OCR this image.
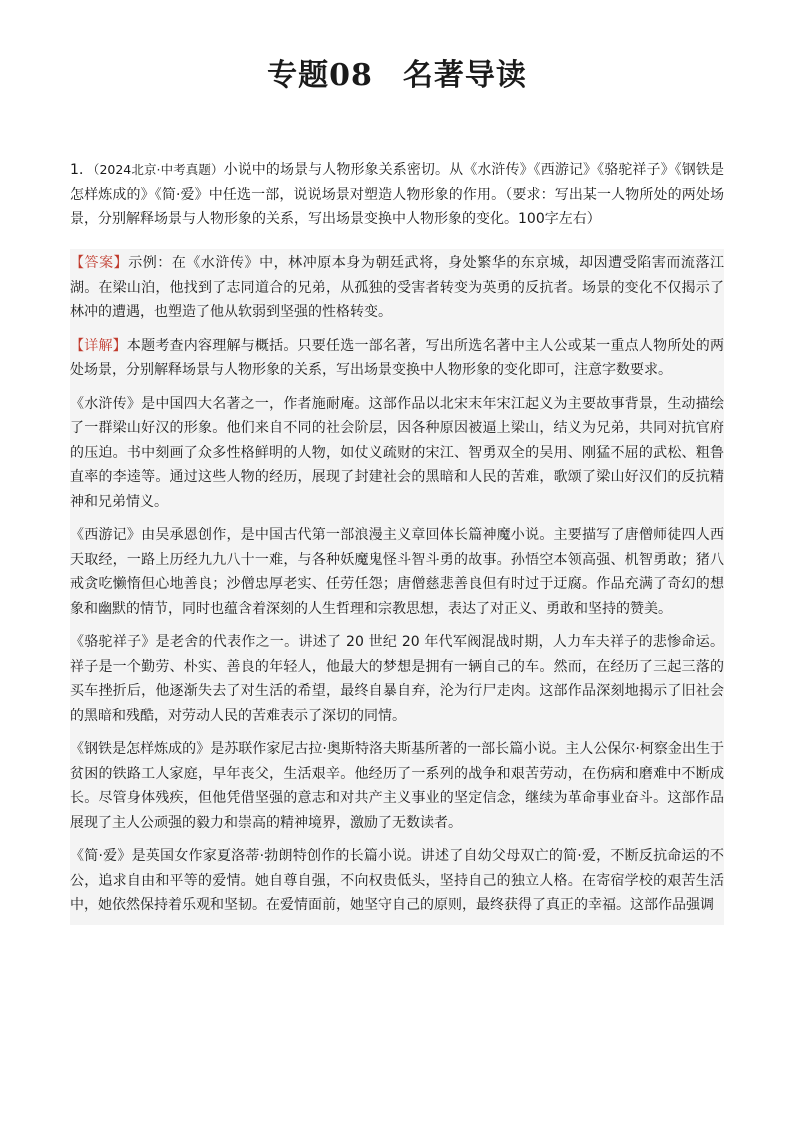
专题08 名著导读
1．（2024北京·中考真题）小说中的场景与人物形象关系密切。从《水浒传》《西游记》《骆驼祥子》《钢铁是怎样炼成的》《简·爱》中任选一部，说说场景对塑造人物形象的作用。（要求：写出某一人物所处的两处场景，分别解释场景与人物形象的关系，写出场景变换中人物形象的变化。100字左右）

【答案】示例：在《水浒传》中，林冲原本身为朝廷武将，身处繁华的东京城，却因遭受陷害而流落江湖。在梁山泊，他找到了志同道合的兄弟，从孤独的受害者转变为英勇的反抗者。场景的变化不仅揭示了林冲的遭遇，也塑造了他从软弱到坚强的性格转变。

【详解】本题考查内容理解与概括。只要任选一部名著，写出所选名著中主人公或某一重点人物所处的两处场景，分别解释场景与人物形象的关系，写出场景变换中人物形象的变化即可，注意字数要求。

《水浒传》是中国四大名著之一，作者施耐庵。这部作品以北宋末年宋江起义为主要故事背景，生动描绘了一群梁山好汉的形象。他们来自不同的社会阶层，因各种原因被逼上梁山，结义为兄弟，共同对抗官府的压迫。书中刻画了众多性格鲜明的人物，如仗义疏财的宋江、智勇双全的吴用、刚猛不屈的武松、粗鲁直率的李逵等。通过这些人物的经历，展现了封建社会的黑暗和人民的苦难，歌颂了梁山好汉们的反抗精神和兄弟情义。

《西游记》由吴承恩创作，是中国古代第一部浪漫主义章回体长篇神魔小说。主要描写了唐僧师徒四人西天取经，一路上历经九九八十一难，与各种妖魔鬼怪斗智斗勇的故事。孙悟空本领高强、机智勇敢；猪八戒贪吃懒惰但心地善良；沙僧忠厚老实、任劳任怨；唐僧慈悲善良但有时过于迂腐。作品充满了奇幻的想象和幽默的情节，同时也蕴含着深刻的人生哲理和宗教思想，表达了对正义、勇敢和坚持的赞美。

《骆驼祥子》是老舍的代表作之一。讲述了 20 世纪 20 年代军阀混战时期，人力车夫祥子的悲惨命运。祥子是一个勤劳、朴实、善良的年轻人，他最大的梦想是拥有一辆自己的车。然而，在经历了三起三落的买车挫折后，他逐渐失去了对生活的希望，最终自暴自弃，沦为行尸走肉。这部作品深刻地揭示了旧社会的黑暗和残酷，对劳动人民的苦难表示了深切的同情。

《钢铁是怎样炼成的》是苏联作家尼古拉·奥斯特洛夫斯基所著的一部长篇小说。主人公保尔·柯察金出生于贫困的铁路工人家庭，早年丧父，生活艰辛。他经历了一系列的战争和艰苦劳动，在伤病和磨难中不断成长。尽管身体残疾，但他凭借坚强的意志和对共产主义事业的坚定信念，继续为革命事业奋斗。这部作品展现了主人公顽强的毅力和崇高的精神境界，激励了无数读者。

《简·爱》是英国女作家夏洛蒂·勃朗特创作的长篇小说。讲述了自幼父母双亡的简·爱，不断反抗命运的不公，追求自由和平等的爱情。她自尊自强，不向权贵低头，坚持自己的独立人格。在寄宿学校的艰苦生活中，她依然保持着乐观和坚韧。在爱情面前，她坚守自己的原则，最终获得了真正的幸福。这部作品强调
